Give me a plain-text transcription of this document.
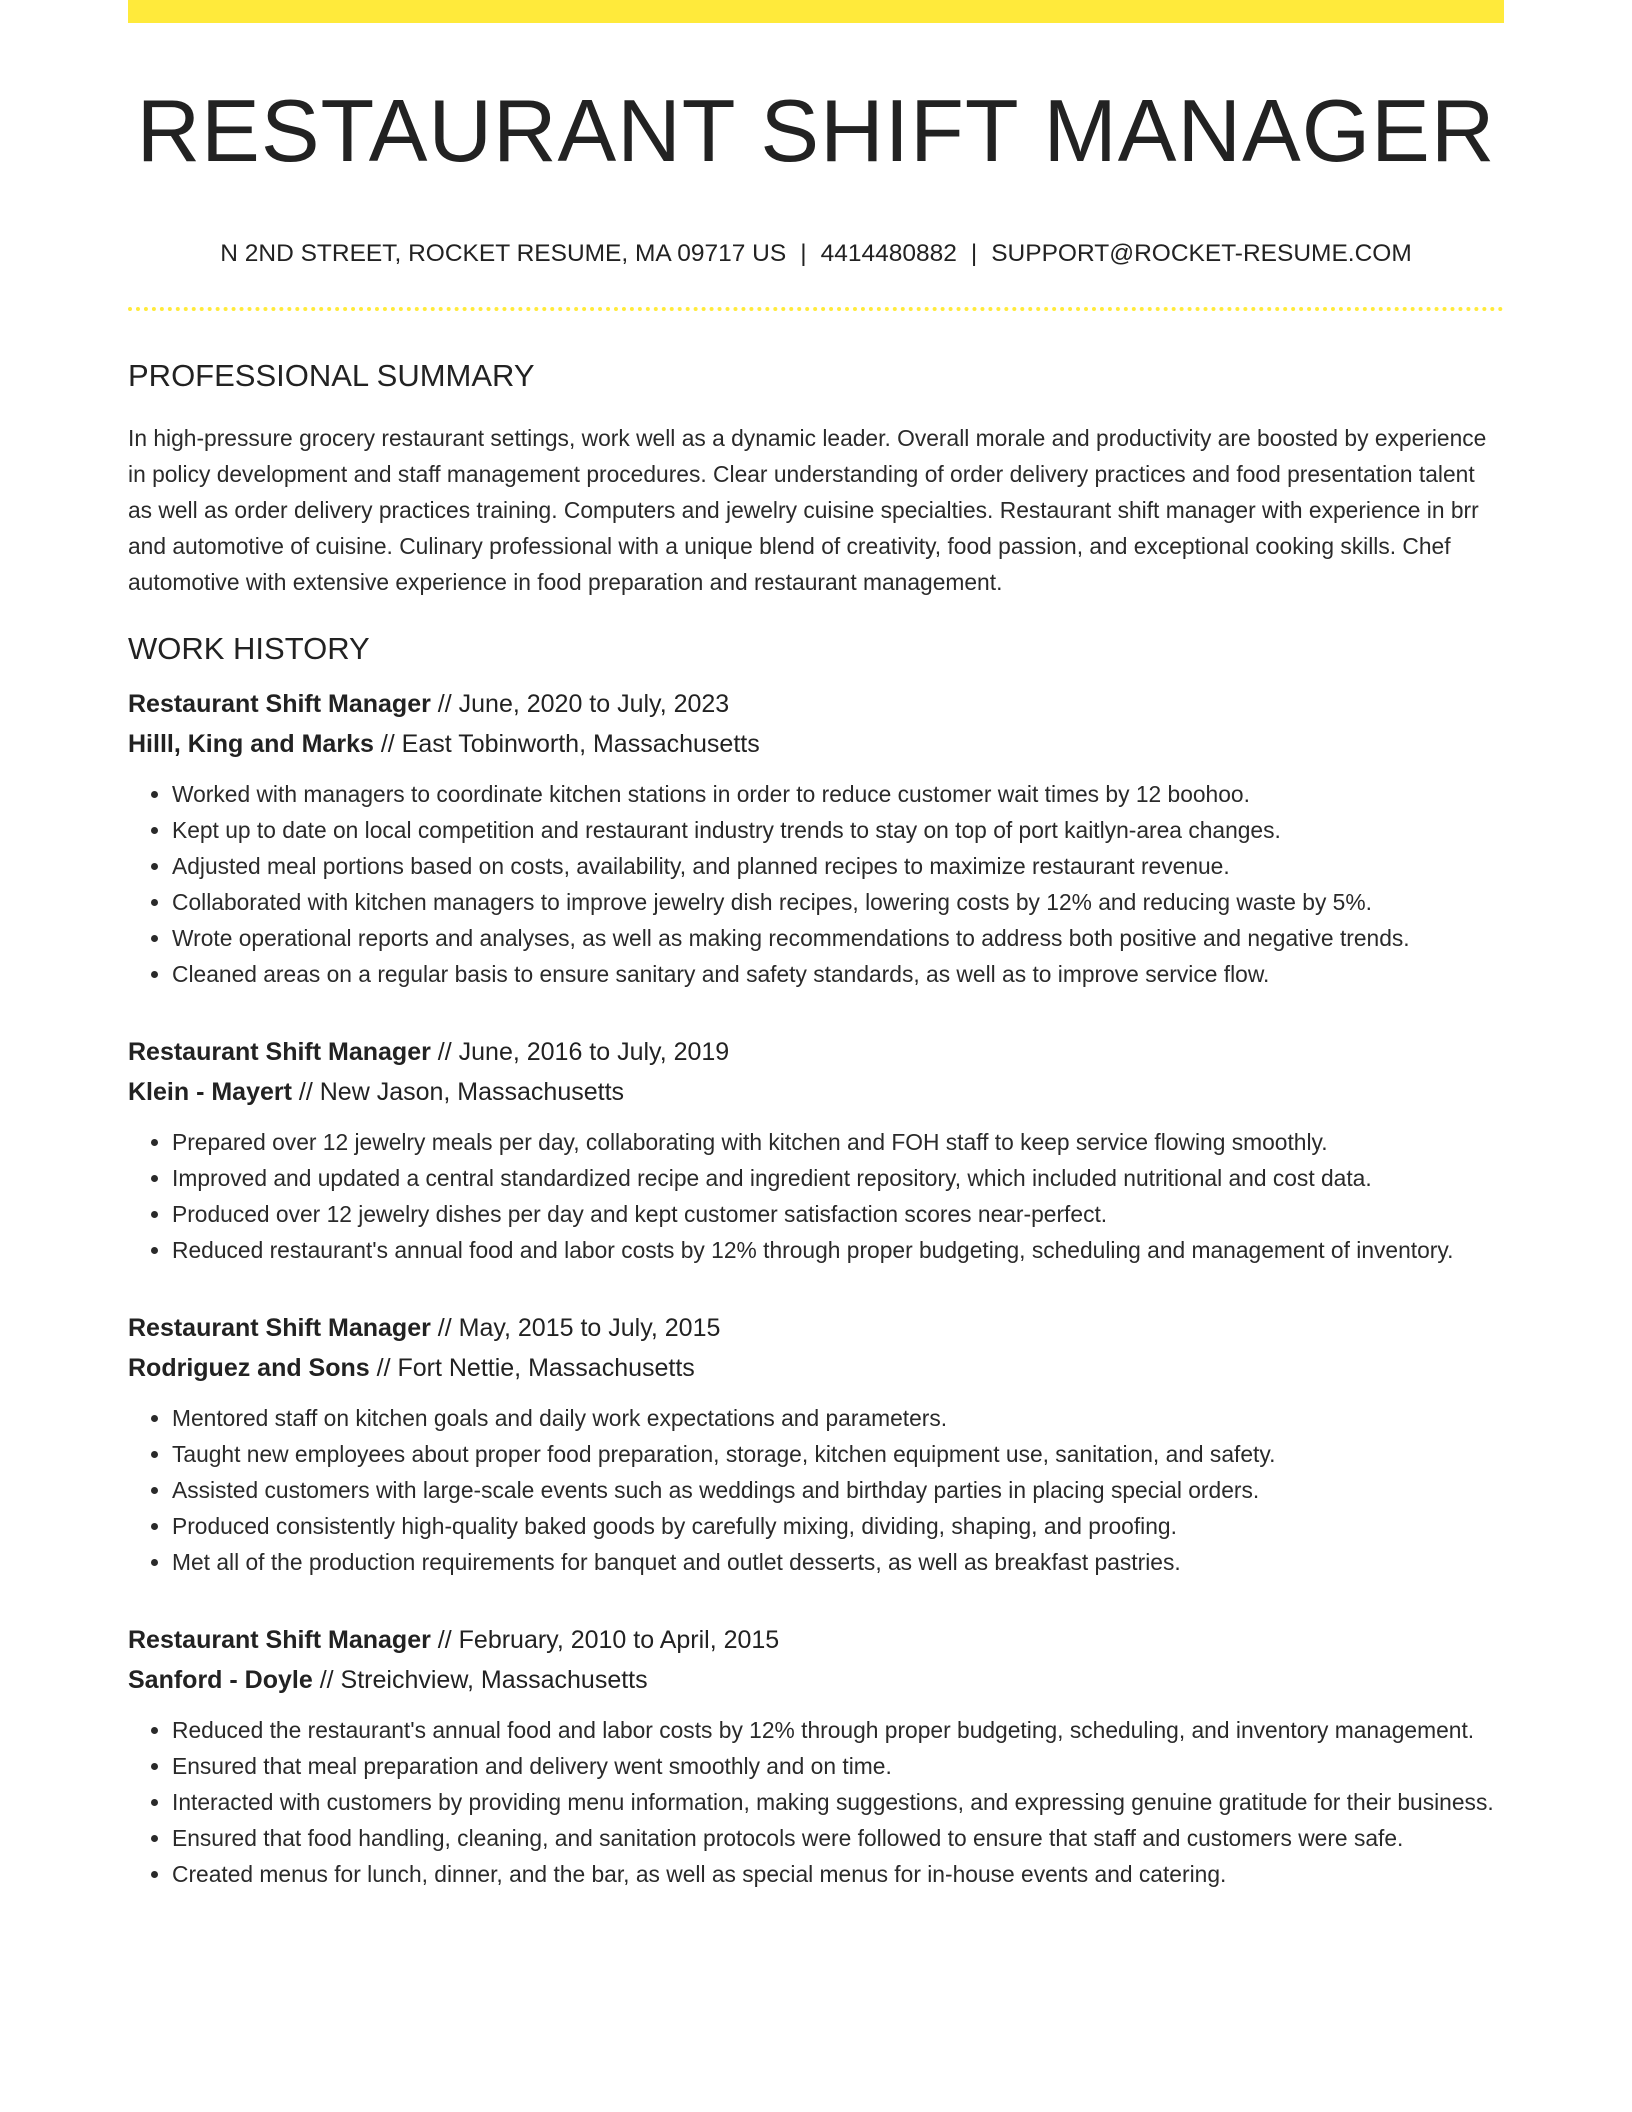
RESTAURANT SHIFT MANAGER
N 2ND STREET, ROCKET RESUME, MA 09717 US | 4414480882 | SUPPORT@ROCKET-RESUME.COM
PROFESSIONAL SUMMARY
In high-pressure grocery restaurant settings, work well as a dynamic leader. Overall morale and productivity are boosted by experience in policy development and staff management procedures. Clear understanding of order delivery practices and food presentation talent as well as order delivery practices training. Computers and jewelry cuisine specialties. Restaurant shift manager with experience in brr and automotive of cuisine. Culinary professional with a unique blend of creativity, food passion, and exceptional cooking skills. Chef automotive with extensive experience in food preparation and restaurant management.
WORK HISTORY
Restaurant Shift Manager // June, 2020 to July, 2023
Hilll, King and Marks // East Tobinworth, Massachusetts
• Worked with managers to coordinate kitchen stations in order to reduce customer wait times by 12 boohoo.
• Kept up to date on local competition and restaurant industry trends to stay on top of port kaitlyn-area changes.
• Adjusted meal portions based on costs, availability, and planned recipes to maximize restaurant revenue.
• Collaborated with kitchen managers to improve jewelry dish recipes, lowering costs by 12% and reducing waste by 5%.
• Wrote operational reports and analyses, as well as making recommendations to address both positive and negative trends.
• Cleaned areas on a regular basis to ensure sanitary and safety standards, as well as to improve service flow.
Restaurant Shift Manager // June, 2016 to July, 2019
Klein - Mayert // New Jason, Massachusetts
• Prepared over 12 jewelry meals per day, collaborating with kitchen and FOH staff to keep service flowing smoothly.
• Improved and updated a central standardized recipe and ingredient repository, which included nutritional and cost data.
• Produced over 12 jewelry dishes per day and kept customer satisfaction scores near-perfect.
• Reduced restaurant's annual food and labor costs by 12% through proper budgeting, scheduling and management of inventory.
Restaurant Shift Manager // May, 2015 to July, 2015
Rodriguez and Sons // Fort Nettie, Massachusetts
• Mentored staff on kitchen goals and daily work expectations and parameters.
• Taught new employees about proper food preparation, storage, kitchen equipment use, sanitation, and safety.
• Assisted customers with large-scale events such as weddings and birthday parties in placing special orders.
• Produced consistently high-quality baked goods by carefully mixing, dividing, shaping, and proofing.
• Met all of the production requirements for banquet and outlet desserts, as well as breakfast pastries.
Restaurant Shift Manager // February, 2010 to April, 2015
Sanford - Doyle // Streichview, Massachusetts
• Reduced the restaurant's annual food and labor costs by 12% through proper budgeting, scheduling, and inventory management.
• Ensured that meal preparation and delivery went smoothly and on time.
• Interacted with customers by providing menu information, making suggestions, and expressing genuine gratitude for their business.
• Ensured that food handling, cleaning, and sanitation protocols were followed to ensure that staff and customers were safe.
• Created menus for lunch, dinner, and the bar, as well as special menus for in-house events and catering.
